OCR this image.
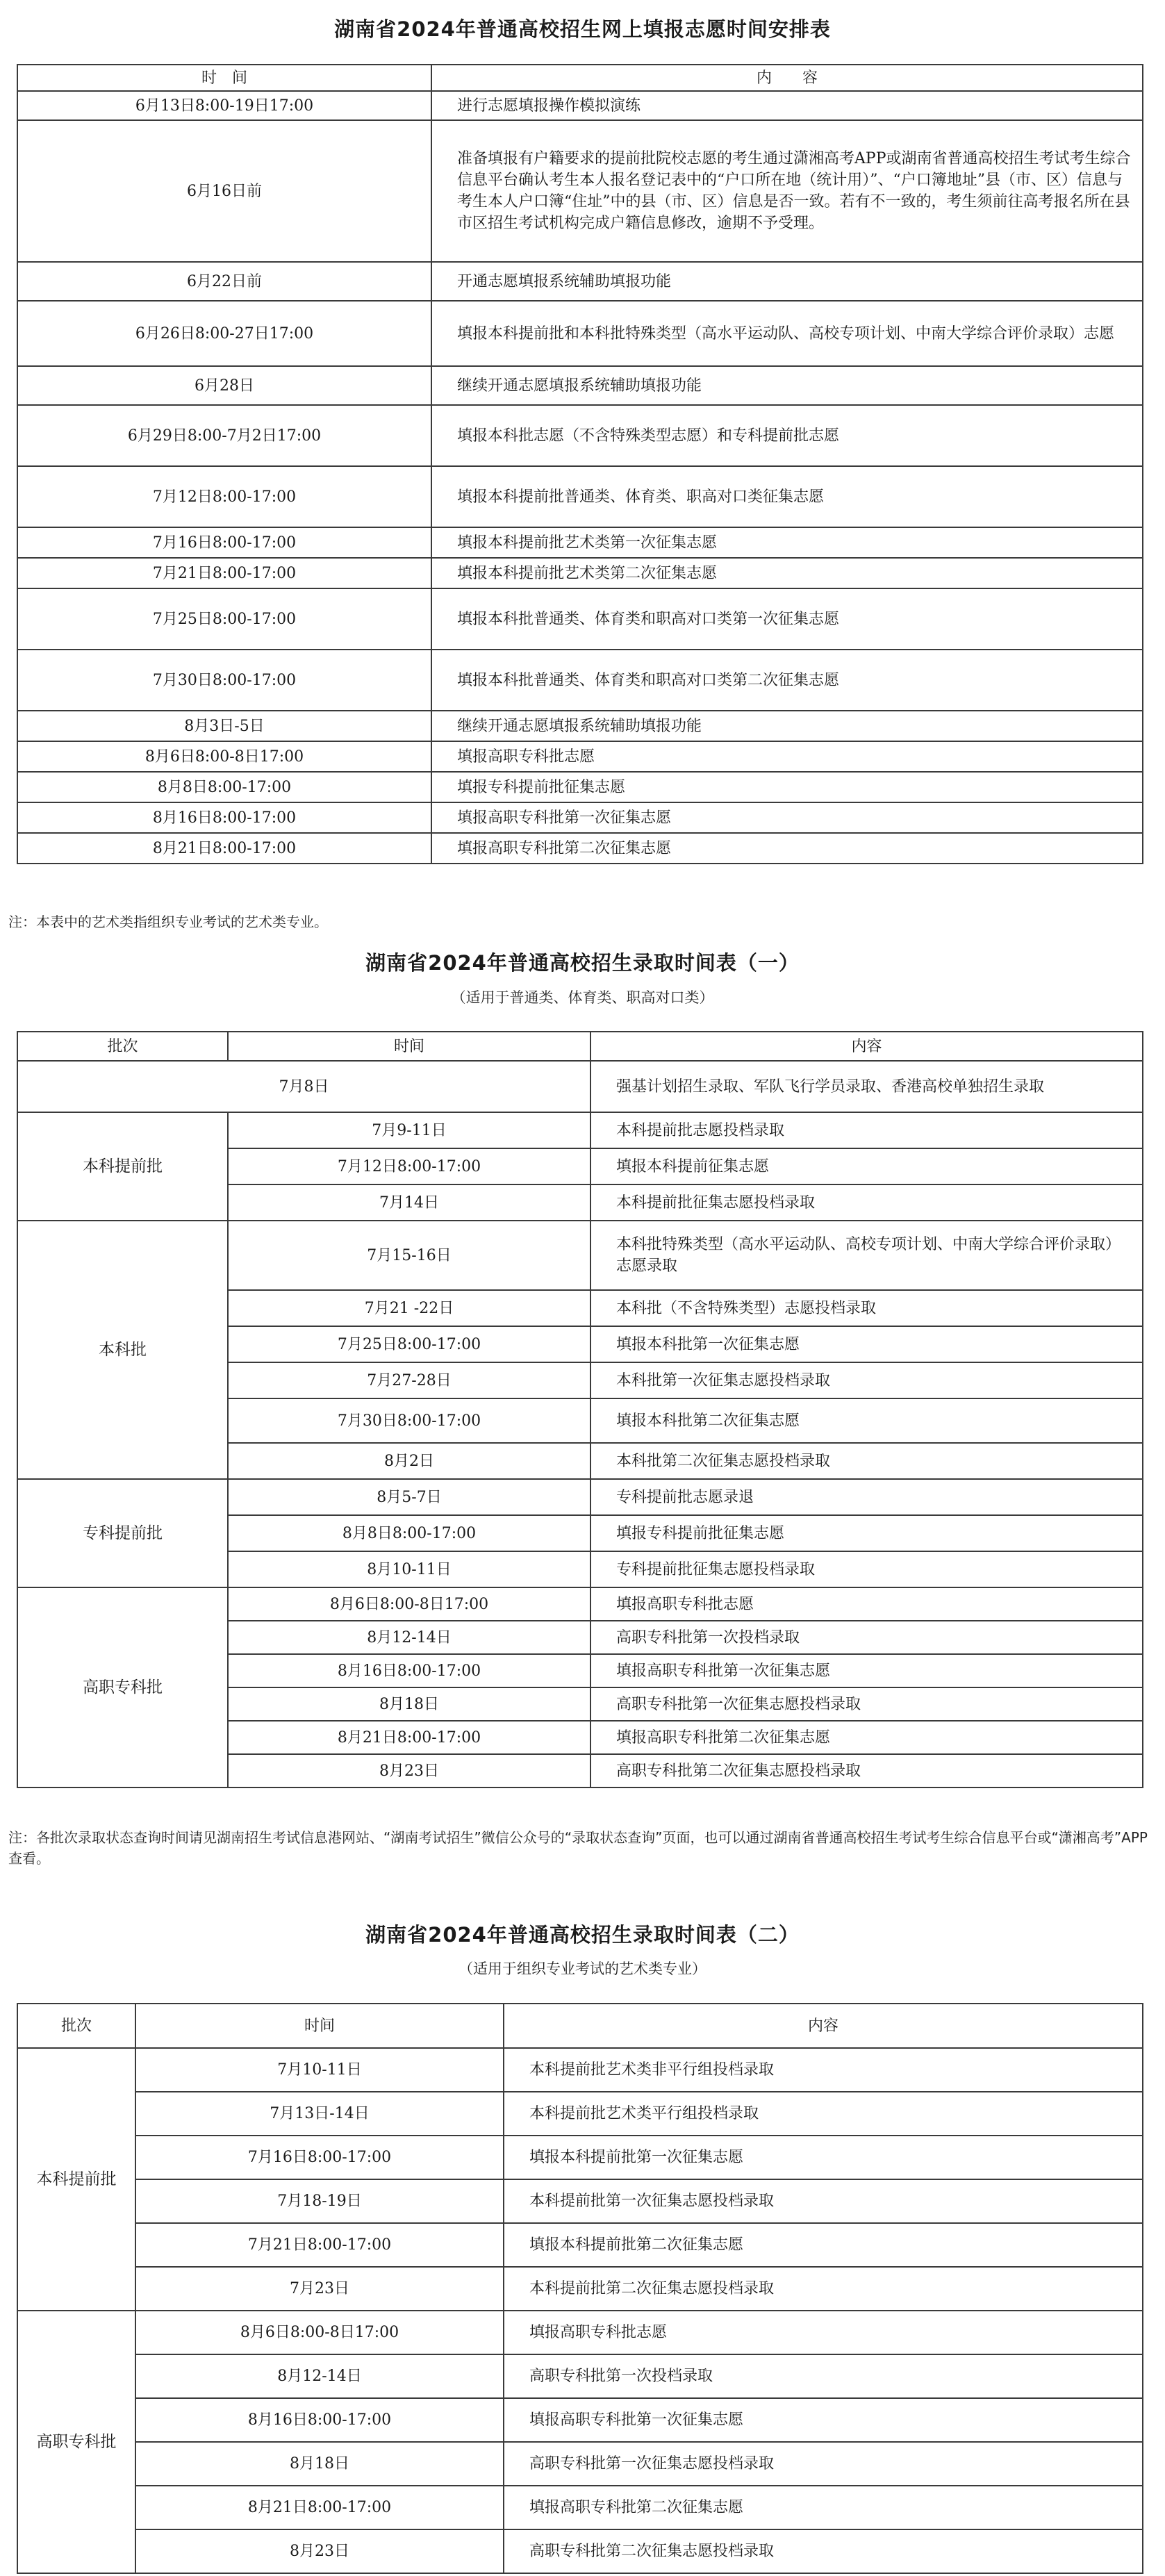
湖南省2024年普通高校招生网上填报志愿时间安排表
时　间	内　　容
6月13日8:00-19日17:00	进行志愿填报操作模拟演练
6月16日前	准备填报有户籍要求的提前批院校志愿的考生通过潇湘高考APP或湖南省普通高校招生考试考生综合信息平台确认考生本人报名登记表中的“户口所在地（统计用）”、“户口簿地址”县（市、区）信息与考生本人户口簿“住址”中的县（市、区）信息是否一致。若有不一致的，考生须前往高考报名所在县市区招生考试机构完成户籍信息修改，逾期不予受理。
6月22日前	开通志愿填报系统辅助填报功能
6月26日8:00-27日17:00	填报本科提前批和本科批特殊类型（高水平运动队、高校专项计划、中南大学综合评价录取）志愿
6月28日	继续开通志愿填报系统辅助填报功能
6月29日8:00-7月2日17:00	填报本科批志愿（不含特殊类型志愿）和专科提前批志愿
7月12日8:00-17:00	填报本科提前批普通类、体育类、职高对口类征集志愿
7月16日8:00-17:00	填报本科提前批艺术类第一次征集志愿
7月21日8:00-17:00	填报本科提前批艺术类第二次征集志愿
7月25日8:00-17:00	填报本科批普通类、体育类和职高对口类第一次征集志愿
7月30日8:00-17:00	填报本科批普通类、体育类和职高对口类第二次征集志愿
8月3日-5日	继续开通志愿填报系统辅助填报功能
8月6日8:00-8日17:00	填报高职专科批志愿
8月8日8:00-17:00	填报专科提前批征集志愿
8月16日8:00-17:00	填报高职专科批第一次征集志愿
8月21日8:00-17:00	填报高职专科批第二次征集志愿
注：本表中的艺术类指组织专业考试的艺术类专业。
湖南省2024年普通高校招生录取时间表（一）
（适用于普通类、体育类、职高对口类）
批次	时间	内容
7月8日		强基计划招生录取、军队飞行学员录取、香港高校单独招生录取
本科提前批	7月9-11日	本科提前批志愿投档录取
	7月12日8:00-17:00	填报本科提前征集志愿
	7月14日	本科提前批征集志愿投档录取
本科批	7月15-16日	本科批特殊类型（高水平运动队、高校专项计划、中南大学综合评价录取）志愿录取
	7月21 -22日	本科批（不含特殊类型）志愿投档录取
	7月25日8:00-17:00	填报本科批第一次征集志愿
	7月27-28日	本科批第一次征集志愿投档录取
	7月30日8:00-17:00	填报本科批第二次征集志愿
	8月2日	本科批第二次征集志愿投档录取
专科提前批	8月5-7日	专科提前批志愿录退
	8月8日8:00-17:00	填报专科提前批征集志愿
	8月10-11日	专科提前批征集志愿投档录取
高职专科批	8月6日8:00-8日17:00	填报高职专科批志愿
	8月12-14日	高职专科批第一次投档录取
	8月16日8:00-17:00	填报高职专科批第一次征集志愿
	8月18日	高职专科批第一次征集志愿投档录取
	8月21日8:00-17:00	填报高职专科批第二次征集志愿
	8月23日	高职专科批第二次征集志愿投档录取
注：各批次录取状态查询时间请见湖南招生考试信息港网站、“湖南考试招生”微信公众号的“录取状态查询”页面，也可以通过湖南省普通高校招生考试考生综合信息平台或“潇湘高考”APP查看。
湖南省2024年普通高校招生录取时间表（二）
（适用于组织专业考试的艺术类专业）
批次	时间	内容
本科提前批	7月10-11日	本科提前批艺术类非平行组投档录取
	7月13日-14日	本科提前批艺术类平行组投档录取
	7月16日8:00-17:00	填报本科提前批第一次征集志愿
	7月18-19日	本科提前批第一次征集志愿投档录取
	7月21日8:00-17:00	填报本科提前批第二次征集志愿
	7月23日	本科提前批第二次征集志愿投档录取
高职专科批	8月6日8:00-8日17:00	填报高职专科批志愿
	8月12-14日	高职专科批第一次投档录取
	8月16日8:00-17:00	填报高职专科批第一次征集志愿
	8月18日	高职专科批第一次征集志愿投档录取
	8月21日8:00-17:00	填报高职专科批第二次征集志愿
	8月23日	高职专科批第二次征集志愿投档录取
